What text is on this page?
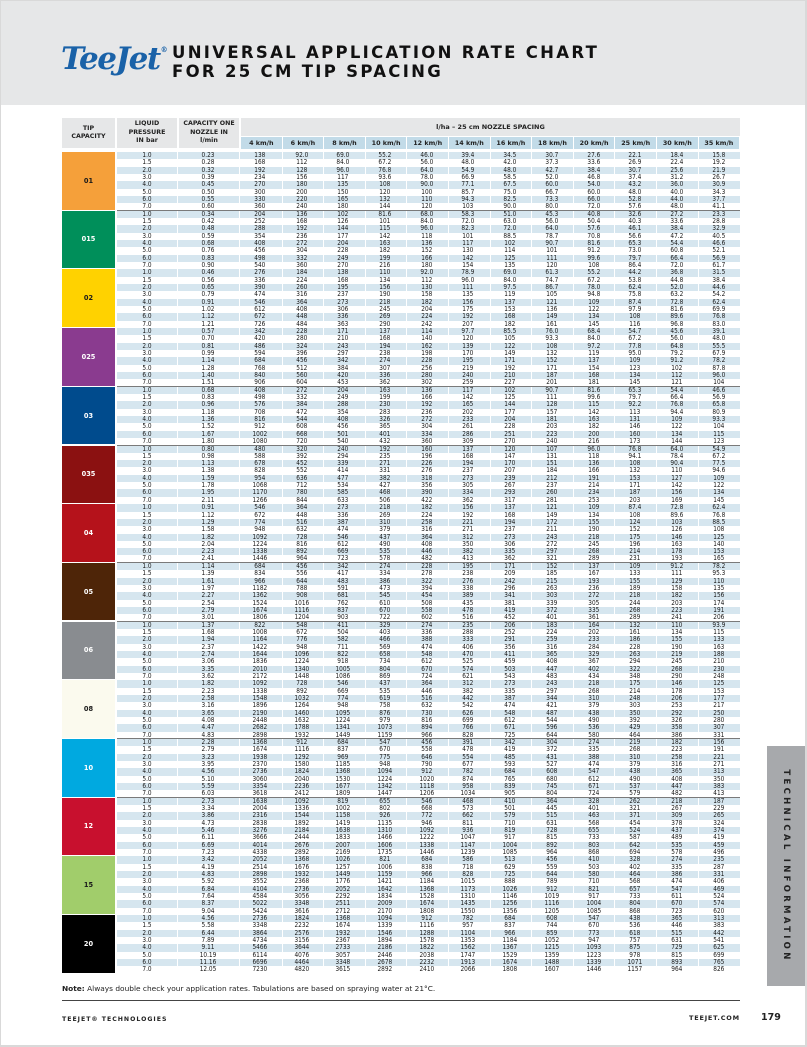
TeeJet® UNIVERSAL APPLICATION RATE CHART
FOR 25 CM TIP SPACING
TIP CAPACITY
LIQUID PRESSURE IN bar
CAPACITY ONE NOZZLE IN l/min
l/ha – 25 cm NOZZLE SPACING
4 km/h	6 km/h	8 km/h	10 km/h	12 km/h	14 km/h	16 km/h	18 km/h	20 km/h	25 km/h	30 km/h	35 km/h
01
1.0	0.23	138	92.0	69.0	55.2	46.0	39.4	34.5	30.7	27.6	22.1	18.4	15.8
1.5	0.28	168	112	84.0	67.2	56.0	48.0	42.0	37.3	33.6	26.9	22.4	19.2
2.0	0.32	192	128	96.0	76.8	64.0	54.9	48.0	42.7	38.4	30.7	25.6	21.9
3.0	0.39	234	156	117	93.6	78.0	66.9	58.5	52.0	46.8	37.4	31.2	26.7
4.0	0.45	270	180	135	108	90.0	77.1	67.5	60.0	54.0	43.2	36.0	30.9
5.0	0.50	300	200	150	120	100	85.7	75.0	66.7	60.0	48.0	40.0	34.3
6.0	0.55	330	220	165	132	110	94.3	82.5	73.3	66.0	52.8	44.0	37.7
7.0	0.60	360	240	180	144	120	103	90.0	80.0	72.0	57.6	48.0	41.1
015
1.0	0.34	204	136	102	81.6	68.0	58.3	51.0	45.3	40.8	32.6	27.2	23.3
1.5	0.42	252	168	126	101	84.0	72.0	63.0	56.0	50.4	40.3	33.6	28.8
2.0	0.48	288	192	144	115	96.0	82.3	72.0	64.0	57.6	46.1	38.4	32.9
3.0	0.59	354	236	177	142	118	101	88.5	78.7	70.8	56.6	47.2	40.5
4.0	0.68	408	272	204	163	136	117	102	90.7	81.6	65.3	54.4	46.6
5.0	0.76	456	304	228	182	152	130	114	101	91.2	73.0	60.8	52.1
6.0	0.83	498	332	249	199	166	142	125	111	99.6	79.7	66.4	56.9
7.0	0.90	540	360	270	216	180	154	135	120	108	86.4	72.0	61.7
02
1.0	0.46	276	184	138	110	92.0	78.9	69.0	61.3	55.2	44.2	36.8	31.5
1.5	0.56	336	224	168	134	112	96.0	84.0	74.7	67.2	53.8	44.8	38.4
2.0	0.65	390	260	195	156	130	111	97.5	86.7	78.0	62.4	52.0	44.6
3.0	0.79	474	316	237	190	158	135	119	105	94.8	75.8	63.2	54.2
4.0	0.91	546	364	273	218	182	156	137	121	109	87.4	72.8	62.4
5.0	1.02	612	408	306	245	204	175	153	136	122	97.9	81.6	69.9
6.0	1.12	672	448	336	269	224	192	168	149	134	108	89.6	76.8
7.0	1.21	726	484	363	290	242	207	182	161	145	116	96.8	83.0
025
1.0	0.57	342	228	171	137	114	97.7	85.5	76.0	68.4	54.7	45.6	39.1
1.5	0.70	420	280	210	168	140	120	105	93.3	84.0	67.2	56.0	48.0
2.0	0.81	486	324	243	194	162	139	122	108	97.2	77.8	64.8	55.5
3.0	0.99	594	396	297	238	198	170	149	132	119	95.0	79.2	67.9
4.0	1.14	684	456	342	274	228	195	171	152	137	109	91.2	78.2
5.0	1.28	768	512	384	307	256	219	192	171	154	123	102	87.8
6.0	1.40	840	560	420	336	280	240	210	187	168	134	112	96.0
7.0	1.51	906	604	453	362	302	259	227	201	181	145	121	104
03
1.0	0.68	408	272	204	163	136	117	102	90.7	81.6	65.3	54.4	46.6
1.5	0.83	498	332	249	199	166	142	125	111	99.6	79.7	66.4	56.9
2.0	0.96	576	384	288	230	192	165	144	128	115	92.2	76.8	65.8
3.0	1.18	708	472	354	283	236	202	177	157	142	113	94.4	80.9
4.0	1.36	816	544	408	326	272	233	204	181	163	131	109	93.3
5.0	1.52	912	608	456	365	304	261	228	203	182	146	122	104
6.0	1.67	1002	668	501	401	334	286	251	223	200	160	134	115
7.0	1.80	1080	720	540	432	360	309	270	240	216	173	144	123
035
1.0	0.80	480	320	240	192	160	137	120	107	96.0	76.8	64.0	54.9
1.5	0.98	588	392	294	235	196	168	147	131	118	94.1	78.4	67.2
2.0	1.13	678	452	339	271	226	194	170	151	136	108	90.4	77.5
3.0	1.38	828	552	414	331	276	237	207	184	166	132	110	94.6
4.0	1.59	954	636	477	382	318	273	239	212	191	153	127	109
5.0	1.78	1068	712	534	427	356	305	267	237	214	171	142	122
6.0	1.95	1170	780	585	468	390	334	293	260	234	187	156	134
7.0	2.11	1266	844	633	506	422	362	317	281	253	203	169	145
04
1.0	0.91	546	364	273	218	182	156	137	121	109	87.4	72.8	62.4
1.5	1.12	672	448	336	269	224	192	168	149	134	108	89.6	76.8
2.0	1.29	774	516	387	310	258	221	194	172	155	124	103	88.5
3.0	1.58	948	632	474	379	316	271	237	211	190	152	126	108
4.0	1.82	1092	728	546	437	364	312	273	243	218	175	146	125
5.0	2.04	1224	816	612	490	408	350	306	272	245	196	163	140
6.0	2.23	1338	892	669	535	446	382	335	297	268	214	178	153
7.0	2.41	1446	964	723	578	482	413	362	321	289	231	193	165
05
1.0	1.14	684	456	342	274	228	195	171	152	137	109	91.2	78.2
1.5	1.39	834	556	417	334	278	238	209	185	167	133	111	95.3
2.0	1.61	966	644	483	386	322	276	242	215	193	155	129	110
3.0	1.97	1182	788	591	473	394	338	296	263	236	189	158	135
4.0	2.27	1362	908	681	545	454	389	341	303	272	218	182	156
5.0	2.54	1524	1016	762	610	508	435	381	339	305	244	203	174
6.0	2.79	1674	1116	837	670	558	478	419	372	335	268	223	191
7.0	3.01	1806	1204	903	722	602	516	452	401	361	289	241	206
06
1.0	1.37	822	548	411	329	274	235	206	183	164	132	110	93.9
1.5	1.68	1008	672	504	403	336	288	252	224	202	161	134	115
2.0	1.94	1164	776	582	466	388	333	291	259	233	186	155	133
3.0	2.37	1422	948	711	569	474	406	356	316	284	228	190	163
4.0	2.74	1644	1096	822	658	548	470	411	365	329	263	219	188
5.0	3.06	1836	1224	918	734	612	525	459	408	367	294	245	210
6.0	3.35	2010	1340	1005	804	670	574	503	447	402	322	268	230
7.0	3.62	2172	1448	1086	869	724	621	543	483	434	348	290	248
08
1.0	1.82	1092	728	546	437	364	312	273	243	218	175	146	125
1.5	2.23	1338	892	669	535	446	382	335	297	268	214	178	153
2.0	2.58	1548	1032	774	619	516	442	387	344	310	248	206	177
3.0	3.16	1896	1264	948	758	632	542	474	421	379	303	253	217
4.0	3.65	2190	1460	1095	876	730	626	548	487	438	350	292	250
5.0	4.08	2448	1632	1224	979	816	699	612	544	490	392	326	280
6.0	4.47	2682	1788	1341	1073	894	766	671	596	536	429	358	307
7.0	4.83	2898	1932	1449	1159	966	828	725	644	580	464	386	331
10
1.0	2.28	1368	912	684	547	456	391	342	304	274	219	182	156
1.5	2.79	1674	1116	837	670	558	478	419	372	335	268	223	191
2.0	3.23	1938	1292	969	775	646	554	485	431	388	310	258	221
3.0	3.95	2370	1580	1185	948	790	677	593	527	474	379	316	271
4.0	4.56	2736	1824	1368	1094	912	782	684	608	547	438	365	313
5.0	5.10	3060	2040	1530	1224	1020	874	765	680	612	490	408	350
6.0	5.59	3354	2236	1677	1342	1118	958	839	745	671	537	447	383
7.0	6.03	3618	2412	1809	1447	1206	1034	905	804	724	579	482	413
12
1.0	2.73	1638	1092	819	655	546	468	410	364	328	262	218	187
1.5	3.34	2004	1336	1002	802	668	573	501	445	401	321	267	229
2.0	3.86	2316	1544	1158	926	772	662	579	515	463	371	309	265
3.0	4.73	2838	1892	1419	1135	946	811	710	631	568	454	378	324
4.0	5.46	3276	2184	1638	1310	1092	936	819	728	655	524	437	374
5.0	6.11	3666	2444	1833	1466	1222	1047	917	815	733	587	489	419
6.0	6.69	4014	2676	2007	1606	1338	1147	1004	892	803	642	535	459
7.0	7.23	4338	2892	2169	1735	1446	1239	1085	964	868	694	578	496
15
1.0	3.42	2052	1368	1026	821	684	586	513	456	410	328	274	235
1.5	4.19	2514	1676	1257	1006	838	718	629	559	503	402	335	287
2.0	4.83	2898	1932	1449	1159	966	828	725	644	580	464	386	331
3.0	5.92	3552	2368	1776	1421	1184	1015	888	789	710	568	474	406
4.0	6.84	4104	2736	2052	1642	1368	1173	1026	912	821	657	547	469
5.0	7.64	4584	3056	2292	1834	1528	1310	1146	1019	917	733	611	524
6.0	8.37	5022	3348	2511	2009	1674	1435	1256	1116	1004	804	670	574
7.0	9.04	5424	3616	2712	2170	1808	1550	1356	1205	1085	868	723	620
20
1.0	4.56	2736	1824	1368	1094	912	782	684	608	547	438	365	313
1.5	5.58	3348	2232	1674	1339	1116	957	837	744	670	536	446	383
2.0	6.44	3864	2576	1932	1546	1288	1104	966	859	773	618	515	442
3.0	7.89	4734	3156	2367	1894	1578	1353	1184	1052	947	757	631	541
4.0	9.11	5466	3644	2733	2186	1822	1562	1367	1215	1093	875	729	625
5.0	10.19	6114	4076	3057	2446	2038	1747	1529	1359	1223	978	815	699
6.0	11.16	6696	4464	3348	2678	2232	1913	1674	1488	1339	1071	893	765
7.0	12.05	7230	4820	3615	2892	2410	2066	1808	1607	1446	1157	964	826
Note: Always double check your application rates. Tabulations are based on spraying water at 21°C.
TEEJET® TECHNOLOGIES	TEEJET.COM 179
TECHNICAL INFORMATION
